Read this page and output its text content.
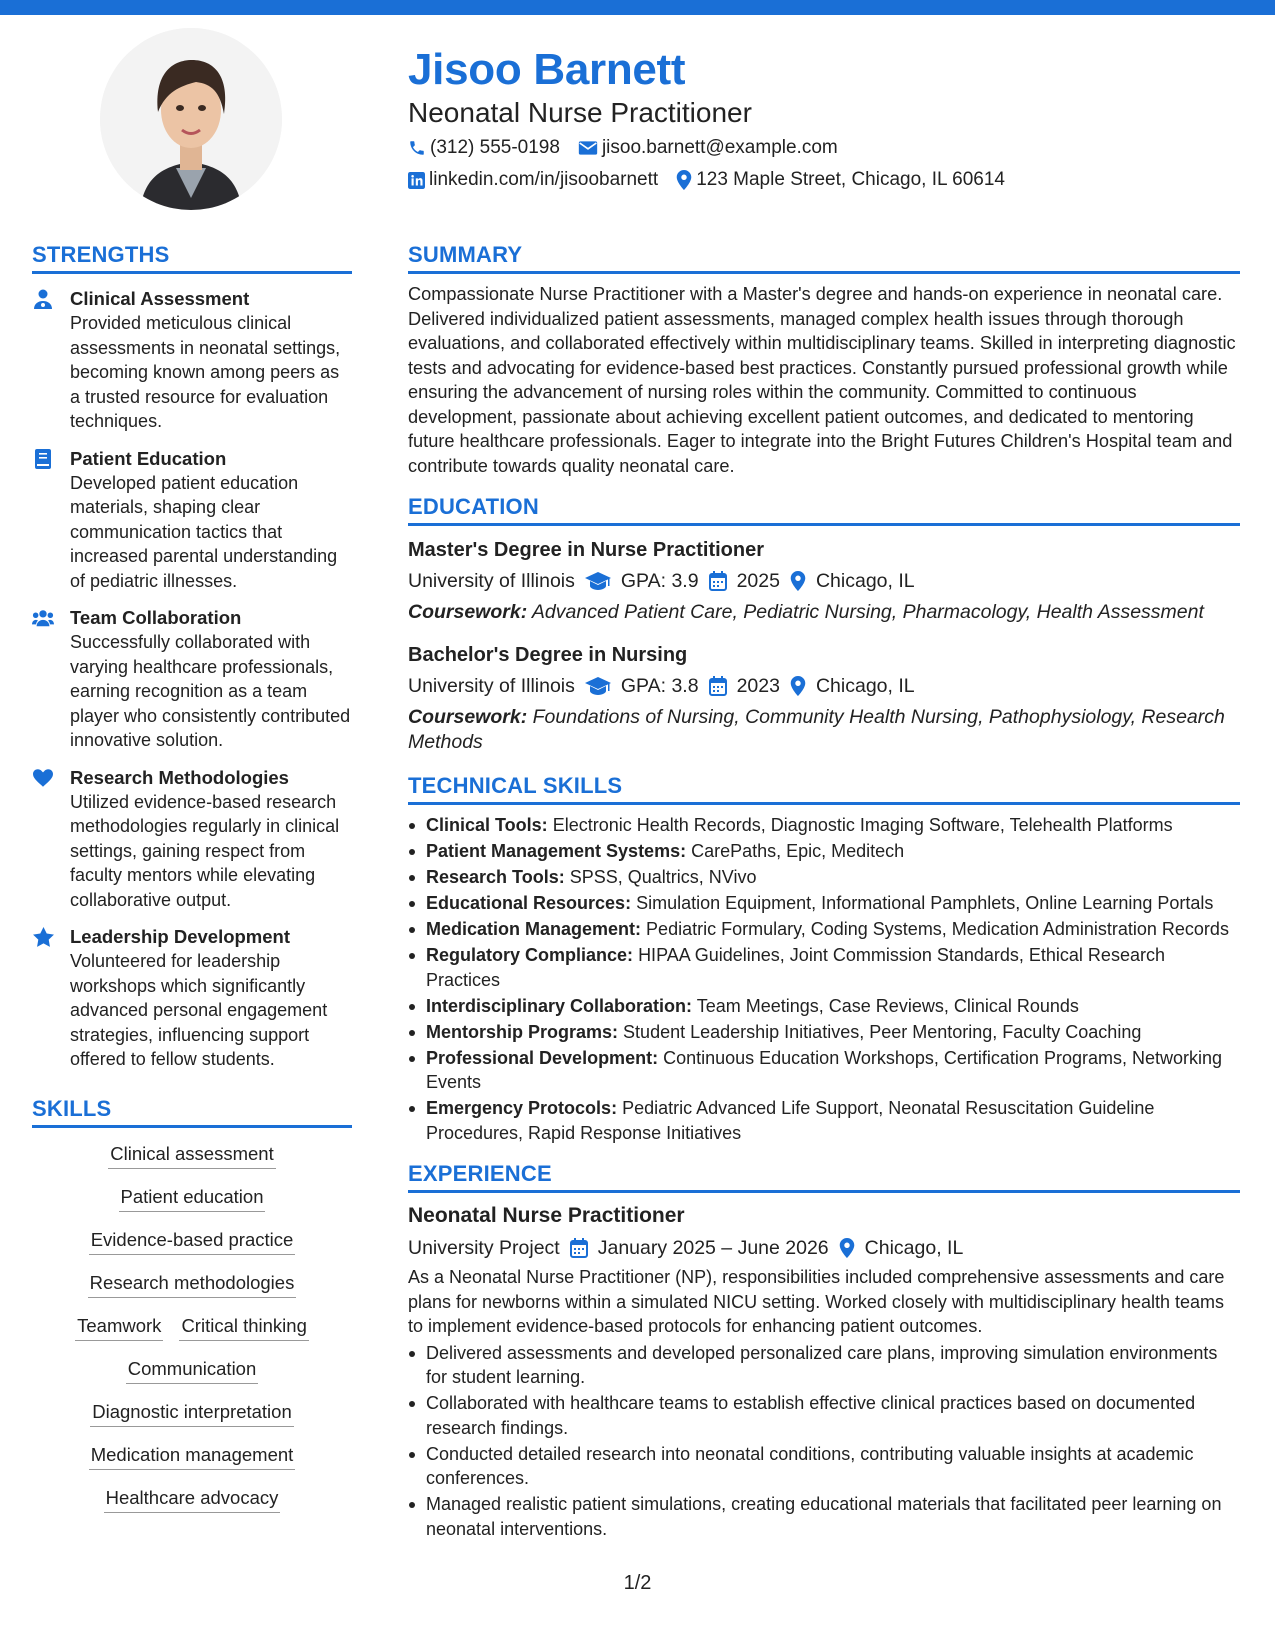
Jisoo Barnett
Neonatal Nurse Practitioner
(312) 555-0198 jisoo.barnett@example.com
linkedin.com/in/jisoobarnett 123 Maple Street, Chicago, IL 60614
STRENGTHS
Clinical Assessment
Provided meticulous clinical assessments in neonatal settings, becoming known among peers as a trusted resource for evaluation techniques.
Patient Education
Developed patient education materials, shaping clear communication tactics that increased parental understanding of pediatric illnesses.
Team Collaboration
Successfully collaborated with varying healthcare professionals, earning recognition as a team player who consistently contributed innovative solution.
Research Methodologies
Utilized evidence-based research methodologies regularly in clinical settings, gaining respect from faculty mentors while elevating collaborative output.
Leadership Development
Volunteered for leadership workshops which significantly advanced personal engagement strategies, influencing support offered to fellow students.
SKILLS
Clinical assessment
Patient education
Evidence-based practice
Research methodologies
Teamwork Critical thinking
Communication
Diagnostic interpretation
Medication management
Healthcare advocacy
SUMMARY
Compassionate Nurse Practitioner with a Master's degree and hands-on experience in neonatal care. Delivered individualized patient assessments, managed complex health issues through thorough evaluations, and collaborated effectively within multidisciplinary teams. Skilled in interpreting diagnostic tests and advocating for evidence-based best practices. Constantly pursued professional growth while ensuring the advancement of nursing roles within the community. Committed to continuous development, passionate about achieving excellent patient outcomes, and dedicated to mentoring future healthcare professionals. Eager to integrate into the Bright Futures Children's Hospital team and contribute towards quality neonatal care.
EDUCATION
Master's Degree in Nurse Practitioner
University of Illinois GPA: 3.9 2025 Chicago, IL
Coursework: Advanced Patient Care, Pediatric Nursing, Pharmacology, Health Assessment
Bachelor's Degree in Nursing
University of Illinois GPA: 3.8 2023 Chicago, IL
Coursework: Foundations of Nursing, Community Health Nursing, Pathophysiology, Research Methods
TECHNICAL SKILLS
Clinical Tools: Electronic Health Records, Diagnostic Imaging Software, Telehealth Platforms
Patient Management Systems: CarePaths, Epic, Meditech
Research Tools: SPSS, Qualtrics, NVivo
Educational Resources: Simulation Equipment, Informational Pamphlets, Online Learning Portals
Medication Management: Pediatric Formulary, Coding Systems, Medication Administration Records
Regulatory Compliance: HIPAA Guidelines, Joint Commission Standards, Ethical Research Practices
Interdisciplinary Collaboration: Team Meetings, Case Reviews, Clinical Rounds
Mentorship Programs: Student Leadership Initiatives, Peer Mentoring, Faculty Coaching
Professional Development: Continuous Education Workshops, Certification Programs, Networking Events
Emergency Protocols: Pediatric Advanced Life Support, Neonatal Resuscitation Guideline Procedures, Rapid Response Initiatives
EXPERIENCE
Neonatal Nurse Practitioner
University Project January 2025 – June 2026 Chicago, IL
As a Neonatal Nurse Practitioner (NP), responsibilities included comprehensive assessments and care plans for newborns within a simulated NICU setting. Worked closely with multidisciplinary health teams to implement evidence-based protocols for enhancing patient outcomes.
Delivered assessments and developed personalized care plans, improving simulation environments for student learning.
Collaborated with healthcare teams to establish effective clinical practices based on documented research findings.
Conducted detailed research into neonatal conditions, contributing valuable insights at academic conferences.
Managed realistic patient simulations, creating educational materials that facilitated peer learning on neonatal interventions.
1/2
